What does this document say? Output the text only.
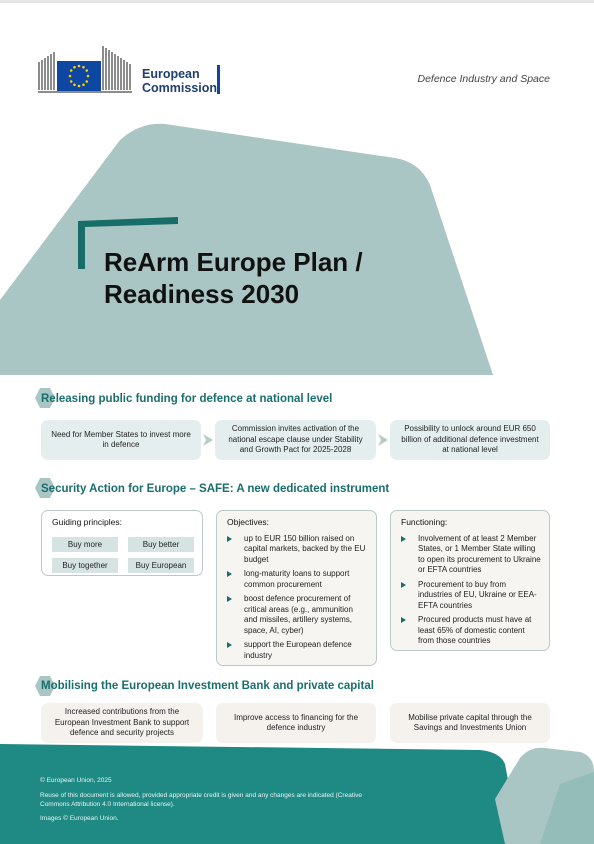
European
Commission
Defence Industry and Space
ReArm Europe Plan /
Readiness 2030
Releasing public funding for defence at national level
Need for Member States to invest more in defence
Commission invites activation of the national escape clause under Stability and Growth Pact for 2025-2028
Possibility to unlock around EUR 650 billion of additional defence investment at national level
Security Action for Europe – SAFE: A new dedicated instrument
Guiding principles:
Buy more	Buy better
Buy together	Buy European
Objectives:
up to EUR 150 billion raised on capital markets, backed by the EU budget
long-maturity loans to support common procurement
boost defence procurement of critical areas (e.g., ammunition and missiles, artillery systems, space, AI, cyber)
support the European defence industry
Functioning:
Involvement of at least 2 Member States, or 1 Member State willing to open its procurement to Ukraine or EFTA countries
Procurement to buy from industries of EU, Ukraine or EEA-EFTA countries
Procured products must have at least 65% of domestic content from those countries
Mobilising the European Investment Bank and private capital
Increased contributions from the European Investment Bank to support defence and security projects
Improve access to financing for the defence industry
Mobilise private capital through the Savings and Investments Union
© European Union, 2025
Reuse of this document is allowed, provided appropriate credit is given and any changes are indicated (Creative Commons Attribution 4.0 International license).
Images © European Union.
